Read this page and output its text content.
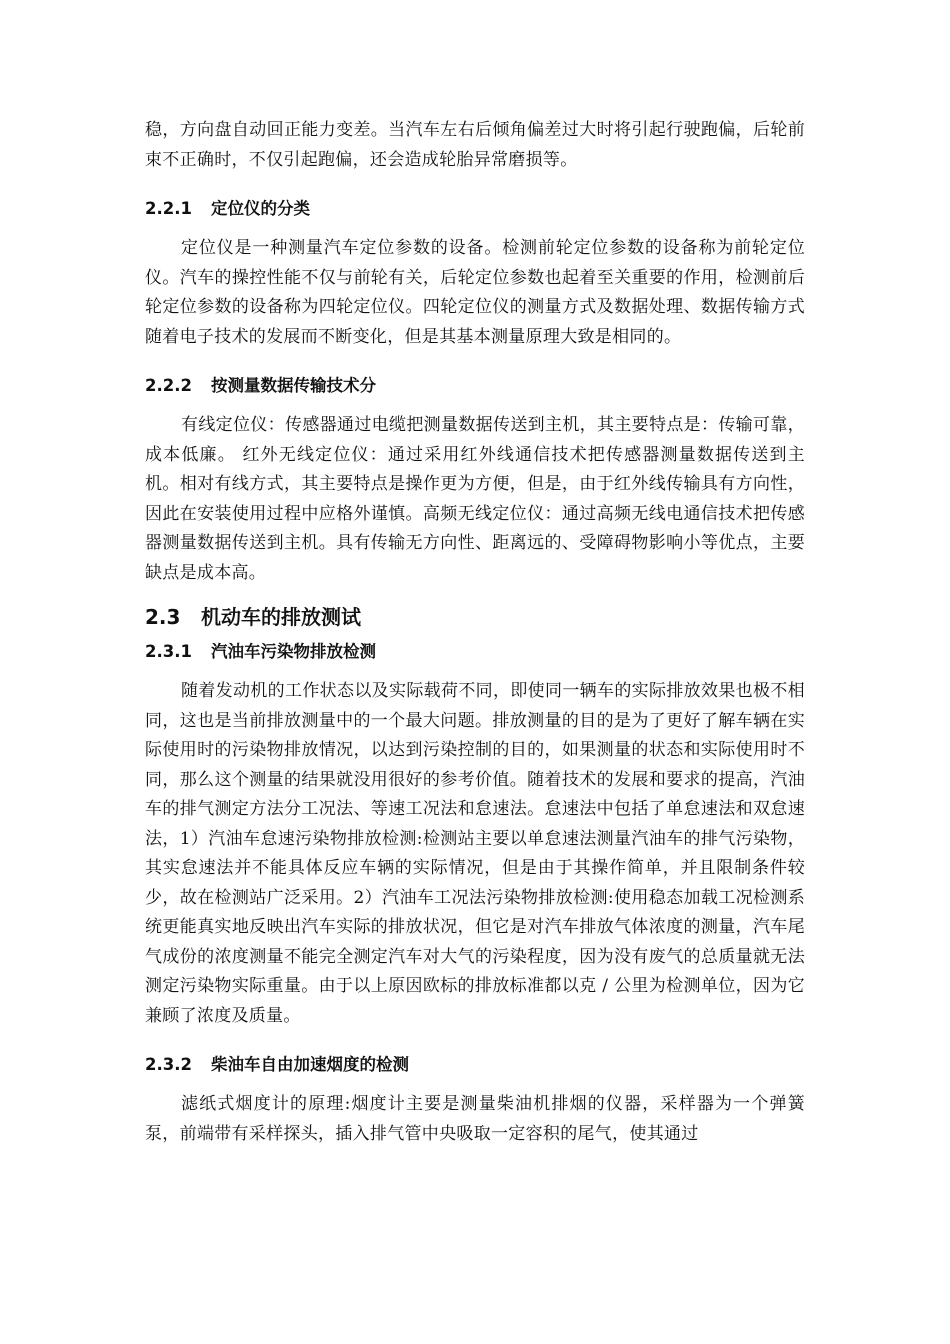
稳，方向盘自动回正能力变差。当汽车左右后倾角偏差过大时将引起行驶跑偏，后轮前束不正确时，不仅引起跑偏，还会造成轮胎异常磨损等。

2.2.1 定位仪的分类

定位仪是一种测量汽车定位参数的设备。检测前轮定位参数的设备称为前轮定位仪。汽车的操控性能不仅与前轮有关，后轮定位参数也起着至关重要的作用，检测前后轮定位参数的设备称为四轮定位仪。四轮定位仪的测量方式及数据处理、数据传输方式随着电子技术的发展而不断变化，但是其基本测量原理大致是相同的。

2.2.2 按测量数据传输技术分

有线定位仪：传感器通过电缆把测量数据传送到主机，其主要特点是：传输可靠，成本低廉。 红外无线定位仪：通过采用红外线通信技术把传感器测量数据传送到主机。相对有线方式，其主要特点是操作更为方便，但是，由于红外线传输具有方向性，因此在安装使用过程中应格外谨慎。高频无线定位仪：通过高频无线电通信技术把传感器测量数据传送到主机。具有传输无方向性、距离远的、受障碍物影响小等优点，主要缺点是成本高。

2.3 机动车的排放测试
2.3.1 汽油车污染物排放检测

随着发动机的工作状态以及实际载荷不同，即使同一辆车的实际排放效果也极不相同，这也是当前排放测量中的一个最大问题。排放测量的目的是为了更好了解车辆在实际使用时的污染物排放情况，以达到污染控制的目的，如果测量的状态和实际使用时不同，那么这个测量的结果就没用很好的参考价值。随着技术的发展和要求的提高，汽油车的排气测定方法分工况法、等速工况法和怠速法。怠速法中包括了单怠速法和双怠速法，1）汽油车怠速污染物排放检测:检测站主要以单怠速法测量汽油车的排气污染物，其实怠速法并不能具体反应车辆的实际情况，但是由于其操作简单，并且限制条件较少，故在检测站广泛采用。2）汽油车工况法污染物排放检测:使用稳态加载工况检测系统更能真实地反映出汽车实际的排放状况，但它是对汽车排放气体浓度的测量，汽车尾气成份的浓度测量不能完全测定汽车对大气的污染程度，因为没有废气的总质量就无法测定污染物实际重量。由于以上原因欧标的排放标准都以克 / 公里为检测单位，因为它兼顾了浓度及质量。

2.3.2 柴油车自由加速烟度的检测

滤纸式烟度计的原理:烟度计主要是测量柴油机排烟的仪器，采样器为一个弹簧泵，前端带有采样探头，插入排气管中央吸取一定容积的尾气，使其通过
